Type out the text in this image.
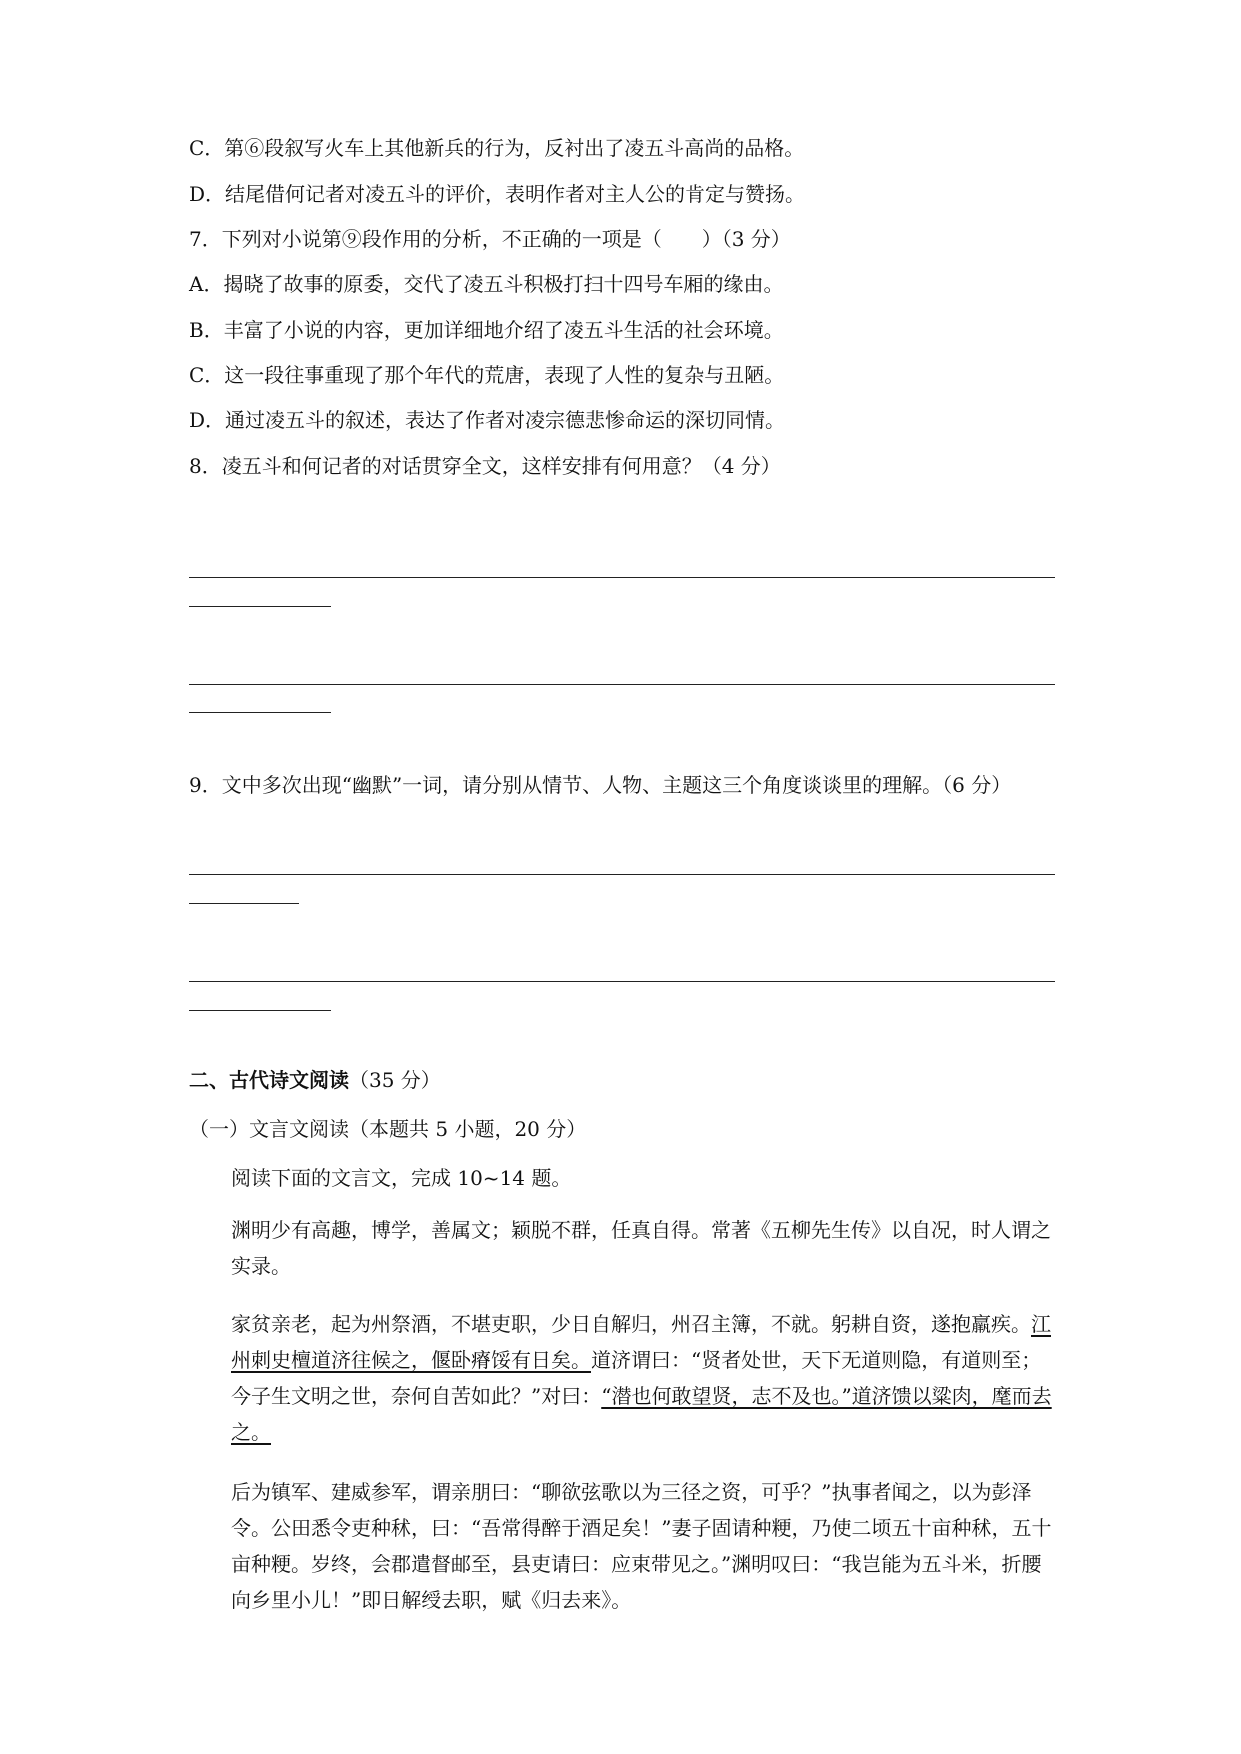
C．第⑥段叙写火车上其他新兵的行为，反衬出了凌五斗高尚的品格。
D．结尾借何记者对凌五斗的评价，表明作者对主人公的肯定与赞扬。
7．下列对小说第⑨段作用的分析，不正确的一项是（　　）（3 分）
A．揭晓了故事的原委，交代了凌五斗积极打扫十四号车厢的缘由。
B．丰富了小说的内容，更加详细地介绍了凌五斗生活的社会环境。
C．这一段往事重现了那个年代的荒唐，表现了人性的复杂与丑陋。
D．通过凌五斗的叙述，表达了作者对凌宗德悲惨命运的深切同情。
8．凌五斗和何记者的对话贯穿全文，这样安排有何用意？（4 分）
9．文中多次出现“幽默”一词，请分别从情节、人物、主题这三个角度谈谈里的理解。（6 分）
二、古代诗文阅读（35 分）
（一）文言文阅读（本题共 5 小题，20 分）
阅读下面的文言文，完成 10~14 题。
渊明少有高趣，博学，善属文；颖脱不群，任真自得。常著《五柳先生传》以自况，时人谓之实录。
家贫亲老，起为州祭酒，不堪吏职，少日自解归，州召主簿，不就。躬耕自资，遂抱羸疾。江州刺史檀道济往候之，偃卧瘠馁有日矣。道济谓曰：“贤者处世，天下无道则隐，有道则至；今子生文明之世，奈何自苦如此？”对曰：“潜也何敢望贤，志不及也。”道济馈以粱肉，麾而去之。
后为镇军、建威参军，谓亲朋曰：“聊欲弦歌以为三径之资，可乎？”执事者闻之，以为彭泽令。公田悉令吏种秫，曰：“吾常得醉于酒足矣！”妻子固请种粳，乃使二顷五十亩种秫，五十亩种粳。岁终，会郡遣督邮至，县吏请曰：应束带见之。”渊明叹曰：“我岂能为五斗米，折腰向乡里小儿！”即日解绶去职，赋《归去来》。
